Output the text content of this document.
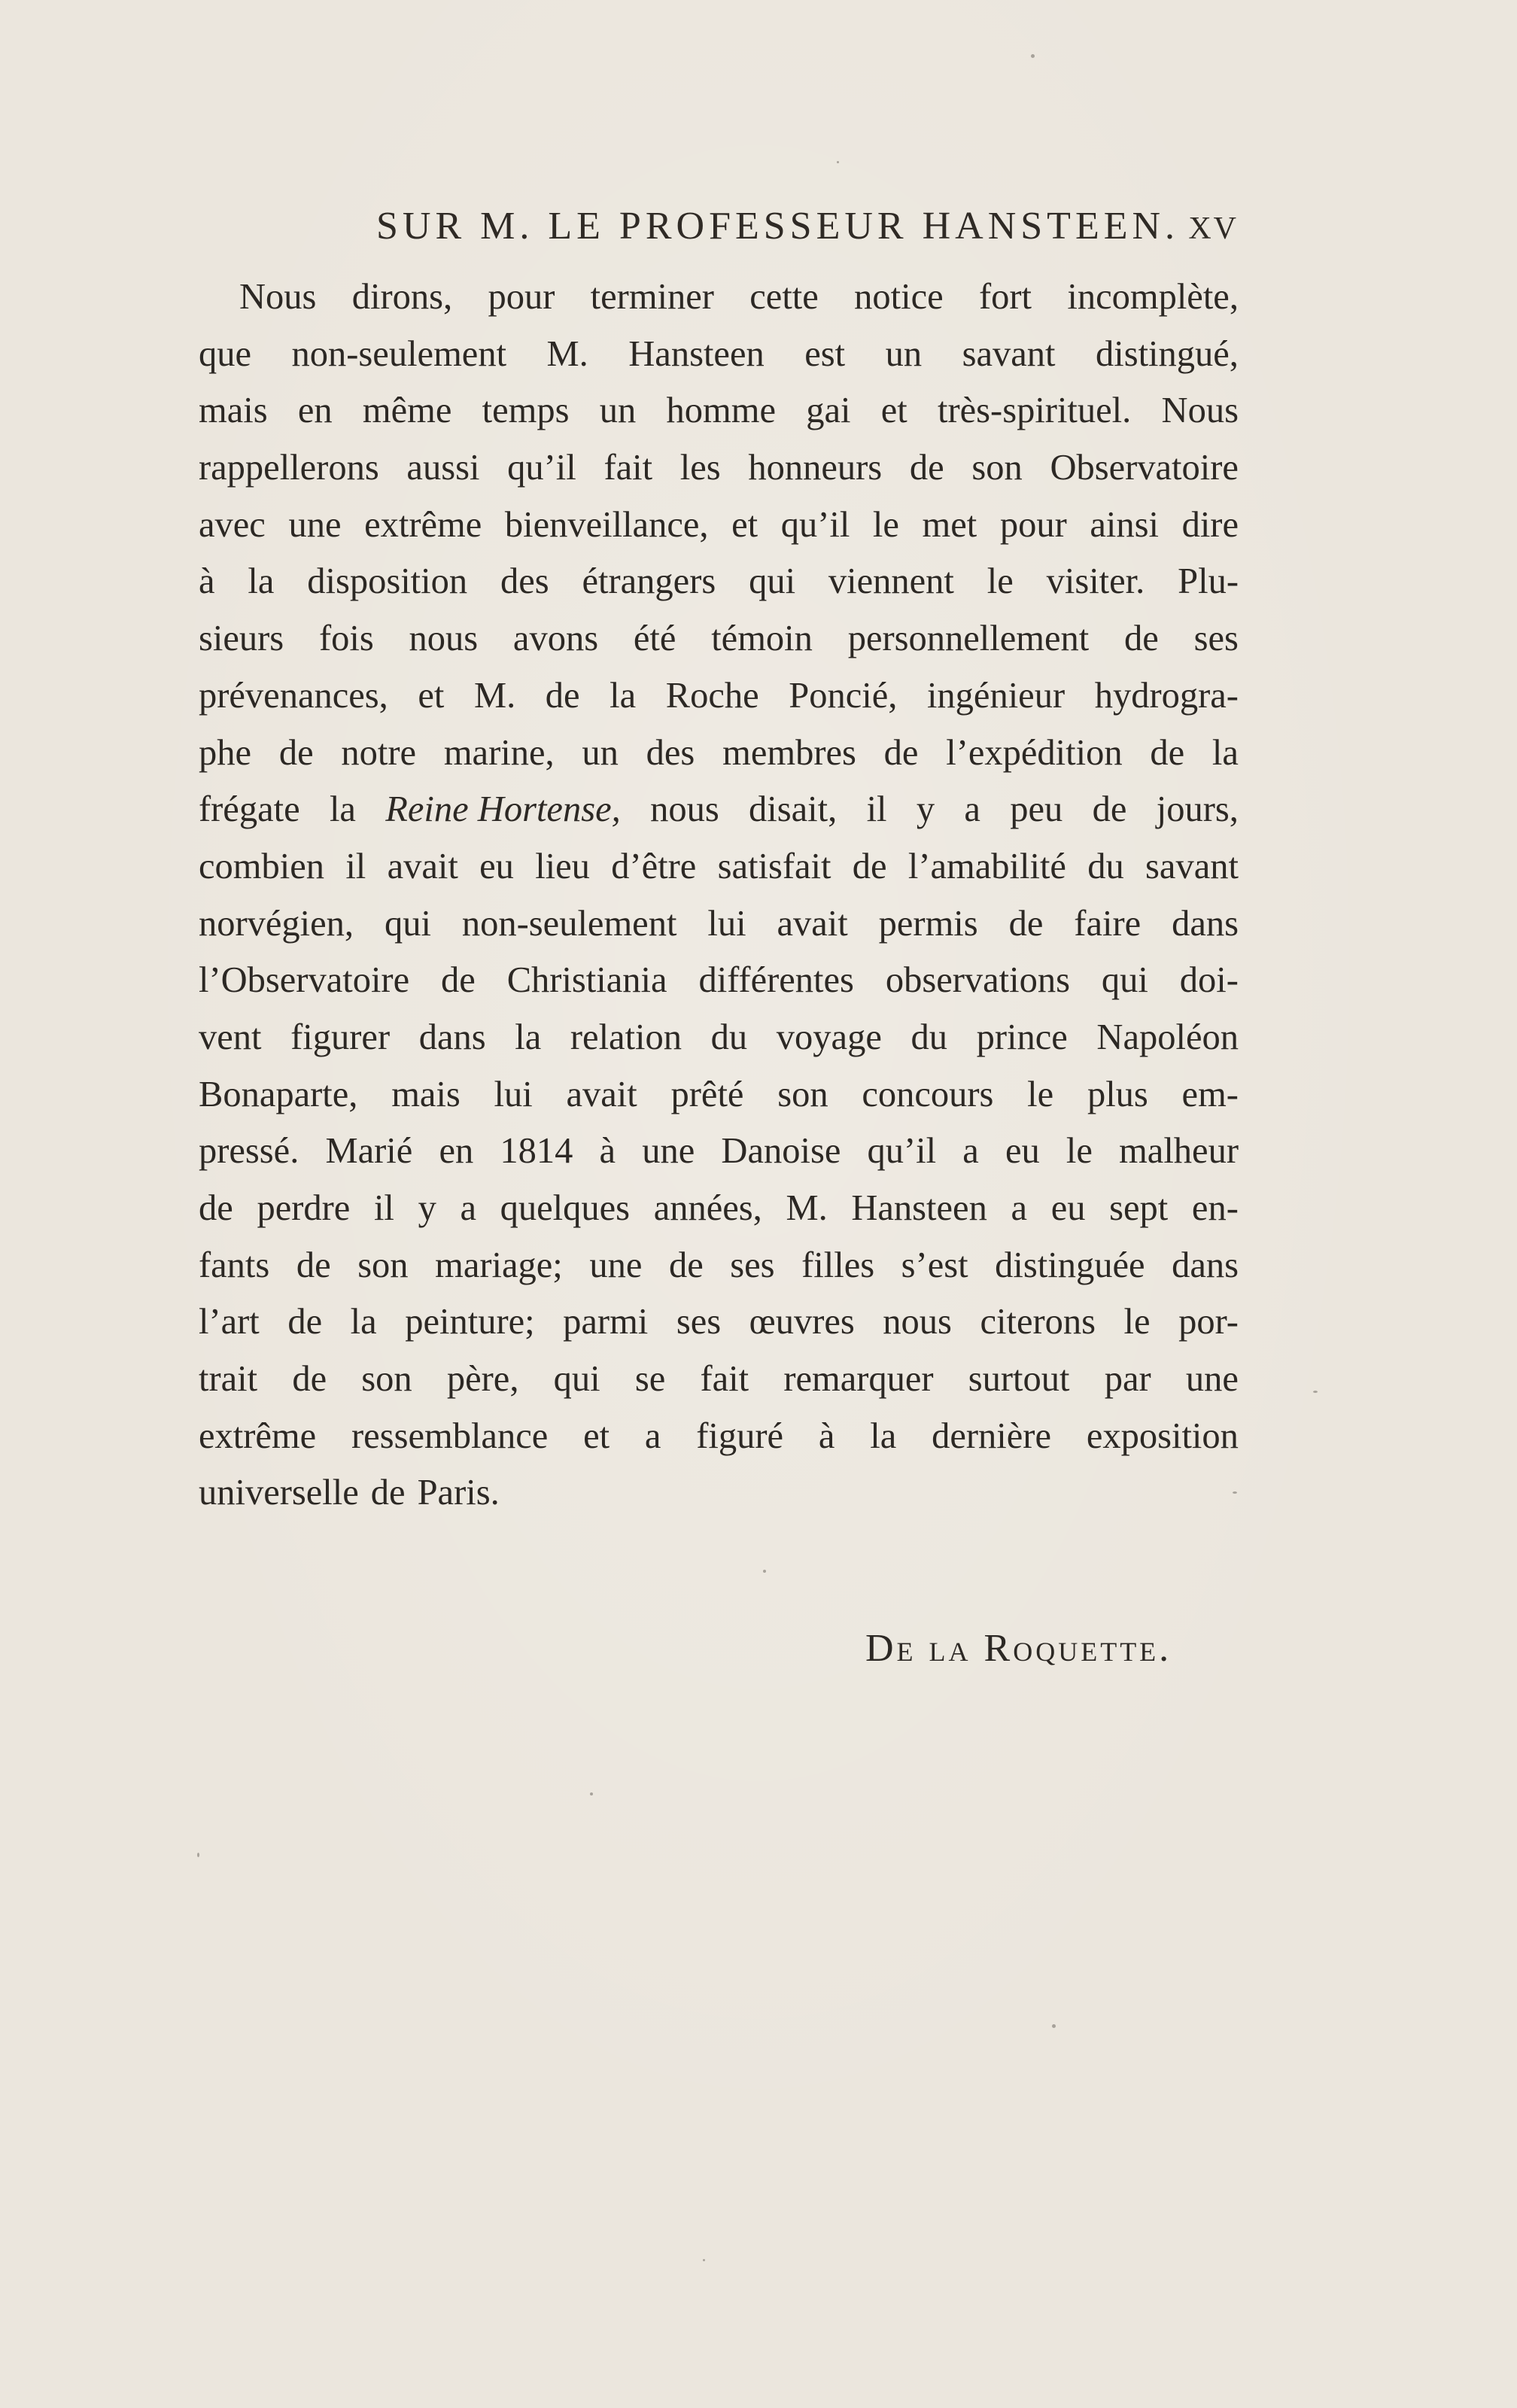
SUR M. LE PROFESSEUR HANSTEEN. XV
Nous dirons, pour terminer cette notice fort incomplète,
que non-seulement M. Hansteen est un savant distingué,
mais en même temps un homme gai et très-spirituel. Nous
rappellerons aussi qu’il fait les honneurs de son Observatoire
avec une extrême bienveillance, et qu’il le met pour ainsi dire
à la disposition des étrangers qui viennent le visiter. Plu-
sieurs fois nous avons été témoin personnellement de ses
prévenances, et M. de la Roche Poncié, ingénieur hydrogra-
phe de notre marine, un des membres de l’expédition de la
frégate la Reine Hortense, nous disait, il y a peu de jours,
combien il avait eu lieu d’être satisfait de l’amabilité du savant
norvégien, qui non-seulement lui avait permis de faire dans
l’Observatoire de Christiania différentes observations qui doi-
vent figurer dans la relation du voyage du prince Napoléon
Bonaparte, mais lui avait prêté son concours le plus em-
pressé. Marié en 1814 à une Danoise qu’il a eu le malheur
de perdre il y a quelques années, M. Hansteen a eu sept en-
fants de son mariage; une de ses filles s’est distinguée dans
l’art de la peinture; parmi ses œuvres nous citerons le por-
trait de son père, qui se fait remarquer surtout par une
extrême ressemblance et a figuré à la dernière exposition
universelle de Paris.
De la Roquette.
